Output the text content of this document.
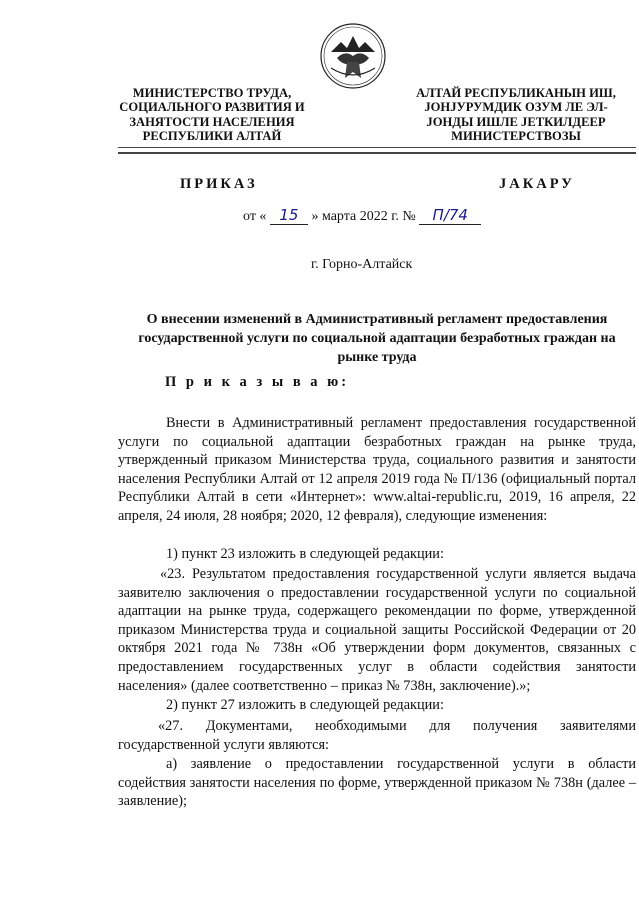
МИНИСТЕРСТВО ТРУДА,
СОЦИАЛЬНОГО РАЗВИТИЯ И
ЗАНЯТОСТИ НАСЕЛЕНИЯ
РЕСПУБЛИКИ АЛТАЙ
АЛТАЙ РЕСПУБЛИКАНЫН ИШ,
ЈОНЈУРУМДИК ОЗУМ ЛЕ ЭЛ-
ЈОНДЫ ИШЛЕ ЈЕТКИЛДЕЕР
МИНИСТЕРСТВОЗЫ
ПРИКАЗ	ЈАКАРУ
от « 15 » марта 2022 г. № П/74
г. Горно-Алтайск
О внесении изменений в Административный регламент предоставления государственной услуги по социальной адаптации безработных граждан на рынке труда
П р и к а з ы в а ю:
Внести в Административный регламент предоставления государственной услуги по социальной адаптации безработных граждан на рынке труда, утвержденный приказом Министерства труда, социального развития и занятости населения Республики Алтай от 12 апреля 2019 года № П/136 (официальный портал Республики Алтай в сети «Интернет»: www.altai-republic.ru, 2019, 16 апреля, 22 апреля, 24 июля, 28 ноября; 2020, 12 февраля), следующие изменения:
1) пункт 23 изложить в следующей редакции:
«23. Результатом предоставления государственной услуги является выдача заявителю заключения о предоставлении государственной услуги по социальной адаптации на рынке труда, содержащего рекомендации по форме, утвержденной приказом Министерства труда и социальной защиты Российской Федерации от 20 октября 2021 года № 738н «Об утверждении форм документов, связанных с предоставлением государственных услуг в области содействия занятости населения» (далее соответственно – приказ № 738н, заключение).»;
2) пункт 27 изложить в следующей редакции:
«27. Документами, необходимыми для получения заявителями государственной услуги являются:
а) заявление о предоставлении государственной услуги в области содействия занятости населения по форме, утвержденной приказом № 738н (далее – заявление);
